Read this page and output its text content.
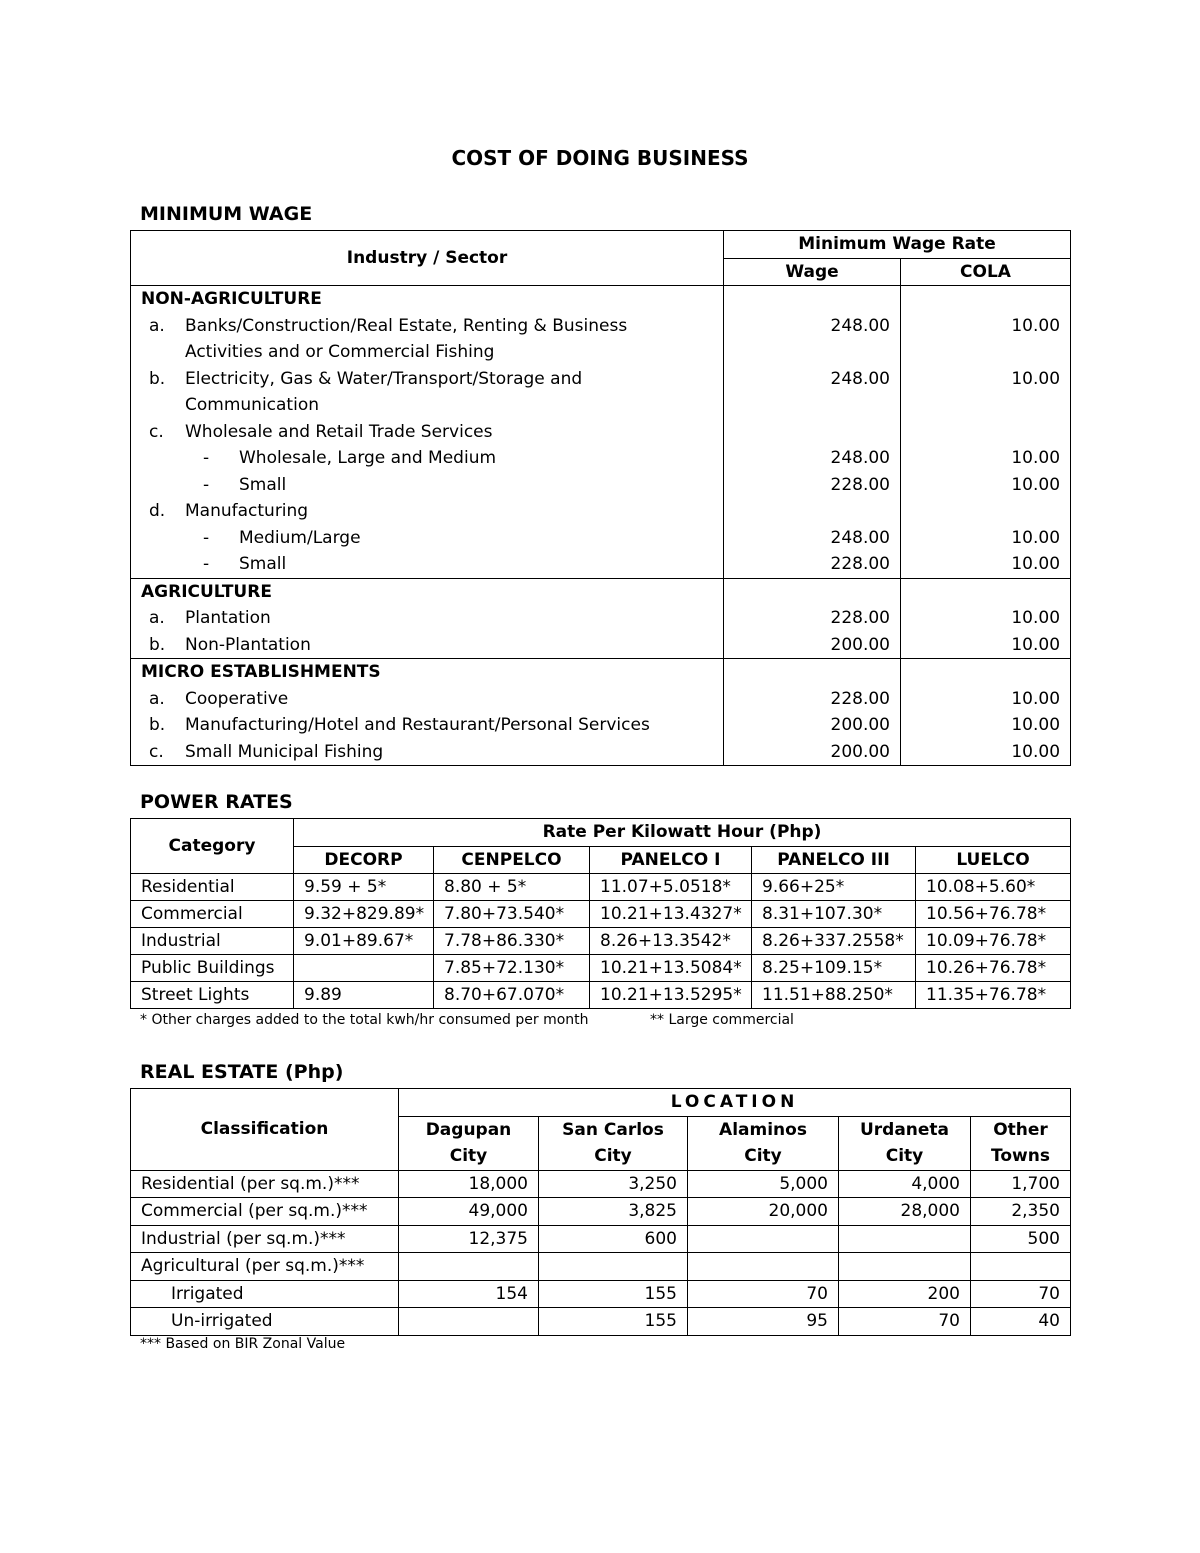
COST OF DOING BUSINESS
MINIMUM WAGE
Industry / Sector	Minimum Wage Rate	
	Wage	COLA
NON-AGRICULTURE		

a. Banks/Construction/Real Estate, Renting & Business
Activities and or Commercial Fishing	248.00	10.00

b. Electricity, Gas & Water/Transport/Storage and
Communication	248.00	10.00

c. Wholesale and Retail Trade Services		

- Wholesale, Large and Medium	248.00	10.00

- Small	228.00	10.00

d. Manufacturing		

- Medium/Large	248.00	10.00

- Small	228.00	10.00
AGRICULTURE		

a. Plantation	228.00	10.00

b. Non-Plantation	200.00	10.00
MICRO ESTABLISHMENTS		

a. Cooperative	228.00	10.00

b. Manufacturing/Hotel and Restaurant/Personal Services	200.00	10.00

c. Small Municipal Fishing	200.00	10.00
POWER RATES
Category	Rate Per Kilowatt Hour (Php)				
	DECORP	CENPELCO	PANELCO I	PANELCO III	LUELCO
Residential	9.59 + 5*	8.80 + 5*	11.07+5.0518*	9.66+25*	10.08+5.60*
Commercial	9.32+829.89*	7.80+73.540*	10.21+13.4327*	8.31+107.30*	10.56+76.78*
Industrial	9.01+89.67*	7.78+86.330*	8.26+13.3542*	8.26+337.2558*	10.09+76.78*
Public Buildings		7.85+72.130*	10.21+13.5084*	8.25+109.15*	10.26+76.78*
Street Lights	9.89	8.70+67.070*	10.21+13.5295*	11.51+88.250*	11.35+76.78*
* Other charges added to the total kwh/hr consumed per month	** Large commercial
REAL ESTATE (Php)
Classification	LOCATION				
	Dagupan City	San Carlos City	Alaminos City	Urdaneta City	Other Towns
Residential (per sq.m.)***	18,000	3,250	5,000	4,000	1,700
Commercial (per sq.m.)***	49,000	3,825	20,000	28,000	2,350
Industrial (per sq.m.)***	12,375	600			500
Agricultural (per sq.m.)***					
Irrigated	154	155	70	200	70
Un-irrigated		155	95	70	40
*** Based on BIR Zonal Value
